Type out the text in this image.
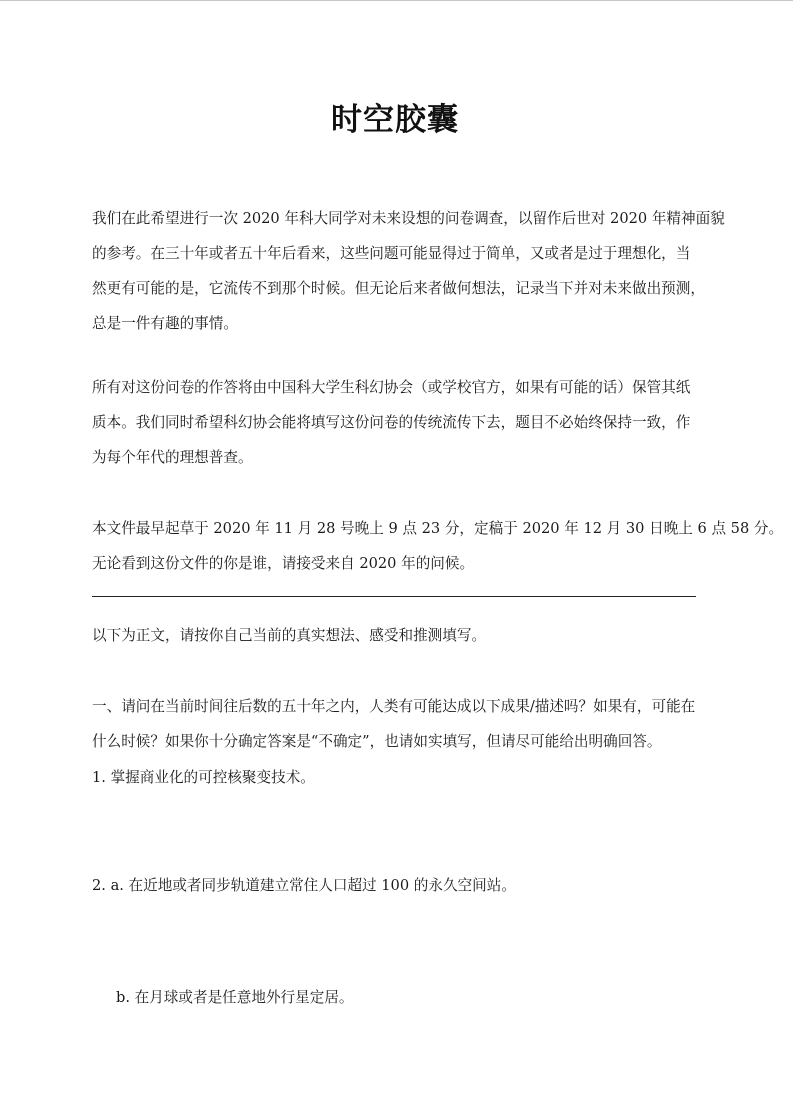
时空胶囊
我们在此希望进行一次 2020 年科大同学对未来设想的问卷调查，以留作后世对 2020 年精神面貌
的参考。在三十年或者五十年后看来，这些问题可能显得过于简单，又或者是过于理想化，当
然更有可能的是，它流传不到那个时候。但无论后来者做何想法，记录当下并对未来做出预测，
总是一件有趣的事情。
所有对这份问卷的作答将由中国科大学生科幻协会（或学校官方，如果有可能的话）保管其纸
质本。我们同时希望科幻协会能将填写这份问卷的传统流传下去，题目不必始终保持一致，作
为每个年代的理想普查。
本文件最早起草于 2020 年 11 月 28 号晚上 9 点 23 分，定稿于 2020 年 12 月 30 日晚上 6 点 58 分。
无论看到这份文件的你是谁，请接受来自 2020 年的问候。
以下为正文，请按你自己当前的真实想法、感受和推测填写。
一、请问在当前时间往后数的五十年之内，人类有可能达成以下成果/描述吗？如果有，可能在
什么时候？如果你十分确定答案是“不确定”，也请如实填写，但请尽可能给出明确回答。

1. 掌握商业化的可控核聚变技术。

2. a. 在近地或者同步轨道建立常住人口超过 100 的永久空间站。

b. 在月球或者是任意地外行星定居。
